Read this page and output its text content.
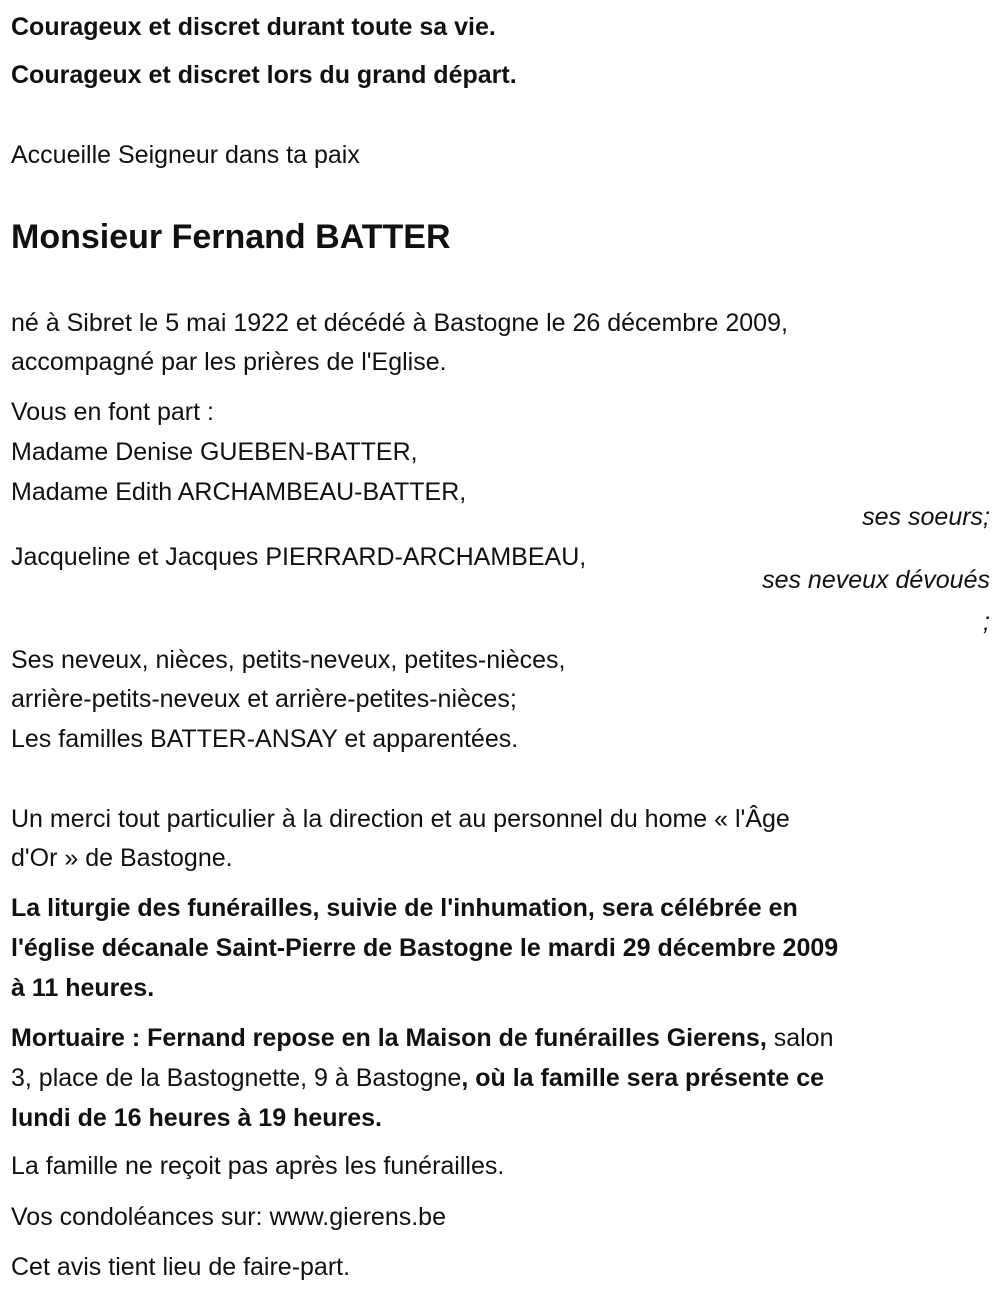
Courageux et discret durant toute sa vie.
Courageux et discret lors du grand départ.
Accueille Seigneur dans ta paix
Monsieur Fernand BATTER
né à Sibret le 5 mai 1922 et décédé à Bastogne le 26 décembre 2009,
accompagné par les prières de l'Eglise.
Vous en font part :
Madame Denise GUEBEN-BATTER,
Madame Edith ARCHAMBEAU-BATTER,
ses soeurs;
Jacqueline et Jacques PIERRARD-ARCHAMBEAU,
ses neveux dévoués
;
Ses neveux, nièces, petits-neveux, petites-nièces,
arrière-petits-neveux et arrière-petites-nièces;
Les familles BATTER-ANSAY et apparentées.
Un merci tout particulier à la direction et au personnel du home « l'Âge
d'Or » de Bastogne.
La liturgie des funérailles, suivie de l'inhumation, sera célébrée en
l'église décanale Saint-Pierre de Bastogne le mardi 29 décembre 2009
à 11 heures.
Mortuaire : Fernand repose en la Maison de funérailles Gierens, salon
3, place de la Bastognette, 9 à Bastogne, où la famille sera présente ce
lundi de 16 heures à 19 heures.
La famille ne reçoit pas après les funérailles.
Vos condoléances sur: www.gierens.be
Cet avis tient lieu de faire-part.
